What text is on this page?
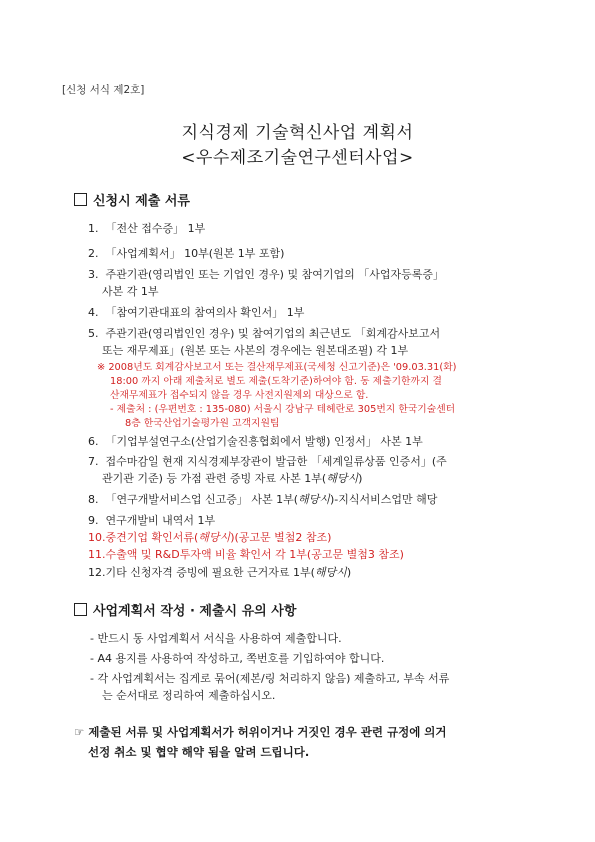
[신청 서식 제2호]
지식경제 기술혁신사업 계획서
<우수제조기술연구센터사업>
신청시 제출 서류
1. 「전산 접수증」 1부
2. 「사업계획서」 10부(원본 1부 포함)
3. 주관기관(영리법인 또는 기업인 경우) 및 참여기업의 「사업자등록증」
사본 각 1부
4. 「참여기관대표의 참여의사 확인서」 1부
5. 주관기관(영리법인인 경우) 및 참여기업의 최근년도 「회계감사보고서
또는 재무제표」(원본 또는 사본의 경우에는 원본대조필) 각 1부
※ 2008년도 회계감사보고서 또는 결산재무제표(국세청 신고기준)은 '09.03.31(화)
18:00 까지 아래 제출처로 별도 제출(도착기준)하여야 함. 동 제출기한까지 결
산재무제표가 접수되지 않을 경우 사전지원제외 대상으로 함.
- 제출처 : (우편번호 : 135-080) 서울시 강남구 테헤란로 305번지 한국기술센터
8층 한국산업기술평가원 고객지원팀
6. 「기업부설연구소(산업기술진흥협회에서 발행) 인정서」 사본 1부
7. 접수마감일 현재 지식경제부장관이 발급한 「세계일류상품 인증서」(주
관기관 기준) 등 가점 관련 증빙 자료 사본 1부(해당시)
8. 「연구개발서비스업 신고증」 사본 1부(해당시)-지식서비스업만 해당
9. 연구개발비 내역서 1부
10. 중견기업 확인서류(해당시)(공고문 별첨2 참조)
11. 수출액 및 R&D투자액 비율 확인서 각 1부(공고문 별첨3 참조)
12. 기타 신청자격 증빙에 필요한 근거자료 1부(해당시)
사업계획서 작성 · 제출시 유의 사항
- 반드시 동 사업계획서 서식을 사용하여 제출합니다.
- A4 용지를 사용하여 작성하고, 쪽번호를 기입하여야 합니다.
- 각 사업계획서는 집게로 묶어(제본/링 처리하지 않음) 제출하고, 부속 서류
는 순서대로 정리하여 제출하십시오.
☞ 제출된 서류 및 사업계획서가 허위이거나 거짓인 경우 관련 규정에 의거
선정 취소 및 협약 해약 됨을 알려 드립니다.
